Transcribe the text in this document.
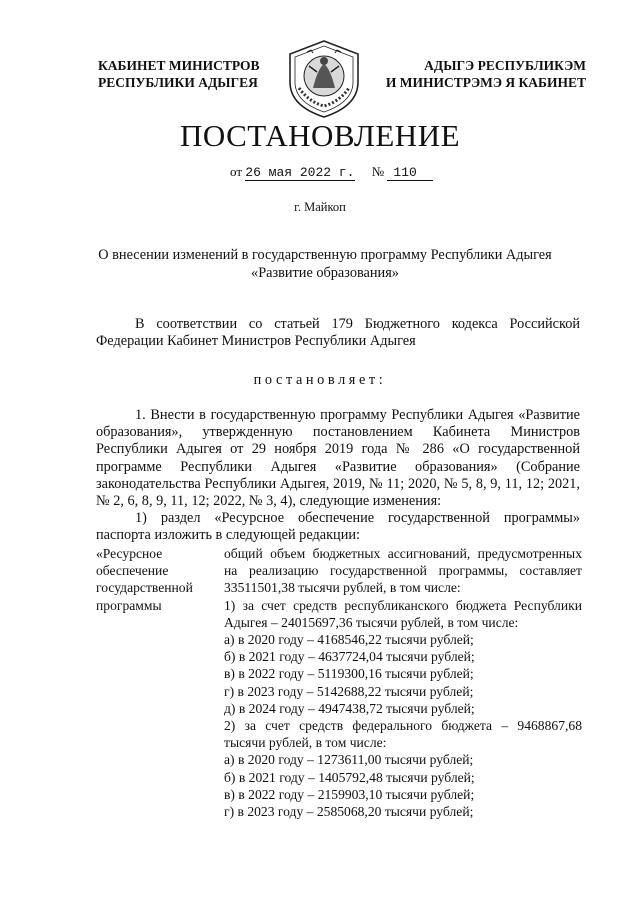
КАБИНЕТ МИНИСТРОВ
РЕСПУБЛИКИ АДЫГЕЯ
АДЫГЭ РЕСПУБЛИКЭМ
И МИНИСТРЭМЭ Я КАБИНЕТ
ПОСТАНОВЛЕНИЕ
от 26 мая 2022 г. № 110
г. Майкоп
О внесении изменений в государственную программу Республики Адыгея
«Развитие образования»
В соответствии со статьей 179 Бюджетного кодекса Российской Федерации Кабинет Министров Республики Адыгея
постановляет:
1. Внести в государственную программу Республики Адыгея «Развитие образования», утвержденную постановлением Кабинета Министров Республики Адыгея от 29 ноября 2019 года № 286 «О государственной программе Республики Адыгея «Развитие образования» (Собрание законодательства Республики Адыгея, 2019, № 11; 2020, № 5, 8, 9, 11, 12; 2021, № 2, 6, 8, 9, 11, 12; 2022, № 3, 4), следующие изменения:
1) раздел «Ресурсное обеспечение государственной программы» паспорта изложить в следующей редакции:
«Ресурсное
обеспечение
государственной
программы
общий объем бюджетных ассигнований, предусмотренных на реализацию государственной программы, составляет 33511501,38 тысячи рублей, в том числе:
1) за счет средств республиканского бюджета Республики Адыгея – 24015697,36 тысячи рублей, в том числе:
а) в 2020 году – 4168546,22 тысячи рублей;
б) в 2021 году – 4637724,04 тысячи рублей;
в) в 2022 году – 5119300,16 тысячи рублей;
г) в 2023 году – 5142688,22 тысячи рублей;
д) в 2024 году – 4947438,72 тысячи рублей;
2) за счет средств федерального бюджета – 9468867,68 тысячи рублей, в том числе:
а) в 2020 году – 1273611,00 тысячи рублей;
б) в 2021 году – 1405792,48 тысячи рублей;
в) в 2022 году – 2159903,10 тысячи рублей;
г) в 2023 году – 2585068,20 тысячи рублей;
